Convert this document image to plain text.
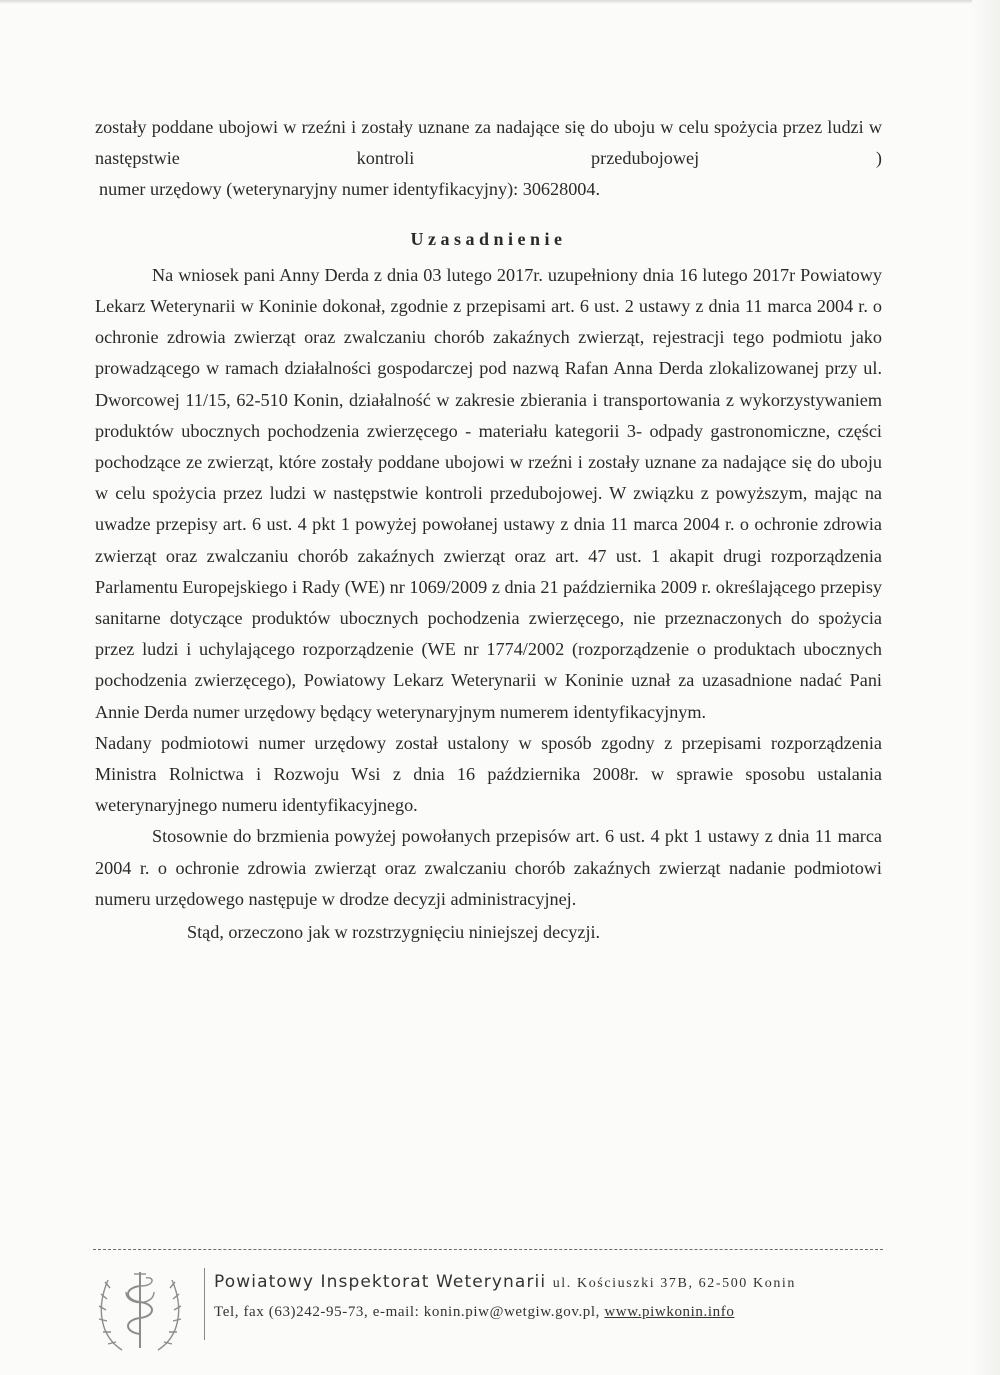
zostały poddane ubojowi w rzeźni i zostały uznane za nadające się do uboju w celu spożycia przez ludzi w następstwie kontroli przedubojowej )

numer urzędowy (weterynaryjny numer identyfikacyjny): 30628004.

Uzasadnienie

Na wniosek pani Anny Derda z dnia 03 lutego 2017r. uzupełniony dnia 16 lutego 2017r Powiatowy Lekarz Weterynarii w Koninie dokonał, zgodnie z przepisami art. 6 ust. 2 ustawy z dnia 11 marca 2004 r. o ochronie zdrowia zwierząt oraz zwalczaniu chorób zakaźnych zwierząt, rejestracji tego podmiotu jako prowadzącego w ramach działalności gospodarczej pod nazwą Rafan Anna Derda zlokalizowanej przy ul. Dworcowej 11/15, 62-510 Konin, działalność w zakresie zbierania i transportowania z wykorzystywaniem produktów ubocznych pochodzenia zwierzęcego - materiału kategorii 3- odpady gastronomiczne, części pochodzące ze zwierząt, które zostały poddane ubojowi w rzeźni i zostały uznane za nadające się do uboju w celu spożycia przez ludzi w następstwie kontroli przedubojowej. W związku z powyższym, mając na uwadze przepisy art. 6 ust. 4 pkt 1 powyżej powołanej ustawy z dnia 11 marca 2004 r. o ochronie zdrowia zwierząt oraz zwalczaniu chorób zakaźnych zwierząt oraz art. 47 ust. 1 akapit drugi rozporządzenia Parlamentu Europejskiego i Rady (WE) nr 1069/2009 z dnia 21 października 2009 r. określającego przepisy sanitarne dotyczące produktów ubocznych pochodzenia zwierzęcego, nie przeznaczonych do spożycia przez ludzi i uchylającego rozporządzenie (WE nr 1774/2002 (rozporządzenie o produktach ubocznych pochodzenia zwierzęcego), Powiatowy Lekarz Weterynarii w Koninie uznał za uzasadnione nadać Pani Annie Derda numer urzędowy będący weterynaryjnym numerem identyfikacyjnym.

Nadany podmiotowi numer urzędowy został ustalony w sposób zgodny z przepisami rozporządzenia Ministra Rolnictwa i Rozwoju Wsi z dnia 16 października 2008r. w sprawie sposobu ustalania weterynaryjnego numeru identyfikacyjnego.

Stosownie do brzmienia powyżej powołanych przepisów art. 6 ust. 4 pkt 1 ustawy z dnia 11 marca 2004 r. o ochronie zdrowia zwierząt oraz zwalczaniu chorób zakaźnych zwierząt nadanie podmiotowi numeru urzędowego następuje w drodze decyzji administracyjnej.

Stąd, orzeczono jak w rozstrzygnięciu niniejszej decyzji.

Powiatowy Inspektorat Weterynarii ul. Kościuszki 37B, 62-500 Konin
Tel, fax (63)242-95-73, e-mail: konin.piw@wetgiw.gov.pl, www.piwkonin.info
